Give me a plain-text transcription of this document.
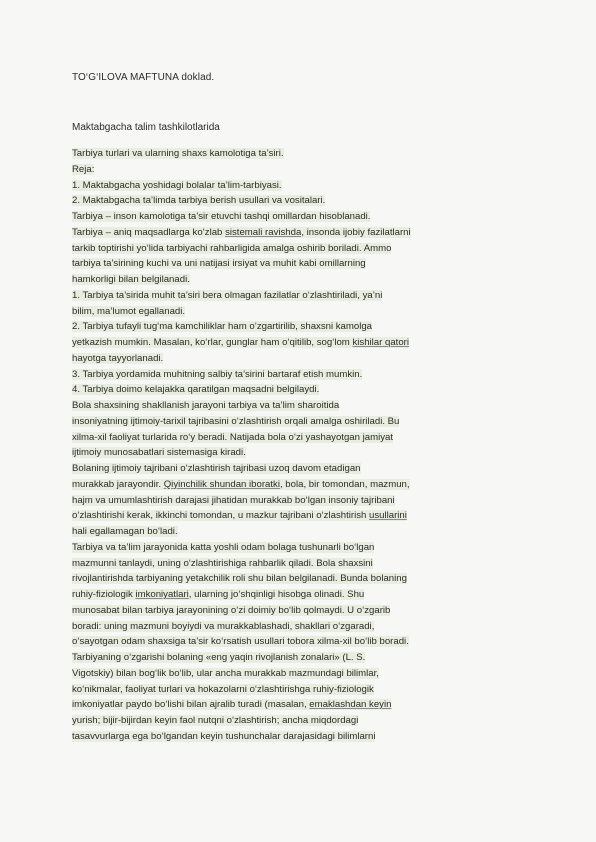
TO‘G‘ILOVA MAFTUNA doklad.
Maktabgacha talim tashkilotlarida
Tarbiya turlari va ularning shaxs kamolotiga ta’siri.
Reja:
1. Maktabgacha yoshidagi bolalar ta’lim-tarbiyasi.
2. Maktabgacha ta’limda tarbiya berish usullari va vositalari.
Tarbiya – inson kamolotiga ta’sir etuvchi tashqi omillardan hisoblanadi.
Tarbiya – aniq maqsadlarga ko‘zlab sistemali ravishda, insonda ijobiy fazilatlarni
tarkib toptirishi yo‘lida tarbiyachi rahbarligida amalga oshirib boriladi. Ammo
tarbiya ta’sirining kuchi va uni natijasi irsiyat va muhit kabi omillarning
hamkorligi bilan belgilanadi.
1. Tarbiya ta’sirida muhit ta’siri bera olmagan fazilatlar o‘zlashtiriladi, ya’ni
bilim, ma’lumot egallanadi.
2. Tarbiya tufayli tug‘ma kamchiliklar ham o‘zgartirilib, shaxsni kamolga
yetkazish mumkin. Masalan, ko‘rlar, gunglar ham o‘qitilib, sog‘lom kishilar qatori
hayotga tayyorlanadi.
3. Tarbiya yordamida muhitning salbiy ta’sirini bartaraf etish mumkin.
4. Tarbiya doimo kelajakka qaratilgan maqsadni belgilaydi.
Bola shaxsining shakllanish jarayoni tarbiya va ta’lim sharoitida
insoniyatning ijtimoiy-tarixil tajribasini o‘zlashtirish orqali amalga oshiriladi. Bu
xilma-xil faoliyat turlarida ro‘y beradi. Natijada bola o‘zi yashayotgan jamiyat
ijtimoiy munosabatlari sistemasiga kiradi.
Bolaning ijtimoiy tajribani o‘zlashtirish tajribasi uzoq davom etadigan
murakkab jarayondir. Qiyinchilik shundan iboratki, bola, bir tomondan, mazmun,
hajm va umumlashtirish darajasi jihatidan murakkab bo‘lgan insoniy tajribani
o‘zlashtirishi kerak, ikkinchi tomondan, u mazkur tajribani o‘zlashtirish usullarini
hali egallamagan bo‘ladi.
Tarbiya va ta’lim jarayonida katta yoshli odam bolaga tushunarli bo‘lgan
mazmunni tanlaydi, uning o‘zlashtirishiga rahbarlik qiladi. Bola shaxsini
rivojlantirishda tarbiyaning yetakchilik roli shu bilan belgilanadi. Bunda bolaning
ruhiy-fiziologik imkoniyatlari, ularning jo‘shqinligi hisobga olinadi. Shu
munosabat bilan tarbiya jarayonining o‘zi doimiy bo‘lib qolmaydi. U o‘zgarib
boradi: uning mazmuni boyiydi va murakkablashadi, shakllari o‘zgaradi,
o‘sayotgan odam shaxsiga ta’sir ko‘rsatish usullari tobora xilma-xil bo‘lib boradi.
Tarbiyaning o‘zgarishi bolaning «eng yaqin rivojlanish zonalari» (L. S.
Vigotskiy) bilan bog‘lik bo‘lib, ular ancha murakkab mazmundagi bilimlar,
ko‘nikmalar, faoliyat turlari va hokazolarni o‘zlashtirishga ruhiy-fiziologik
imkoniyatlar paydo bo‘lishi bilan ajralib turadi (masalan, emaklashdan keyin
yurish; bijir-bijirdan keyin faol nutqni o‘zlashtirish; ancha miqdordagi
tasavvurlarga ega bo‘lgandan keyin tushunchalar darajasidagi bilimlarni
